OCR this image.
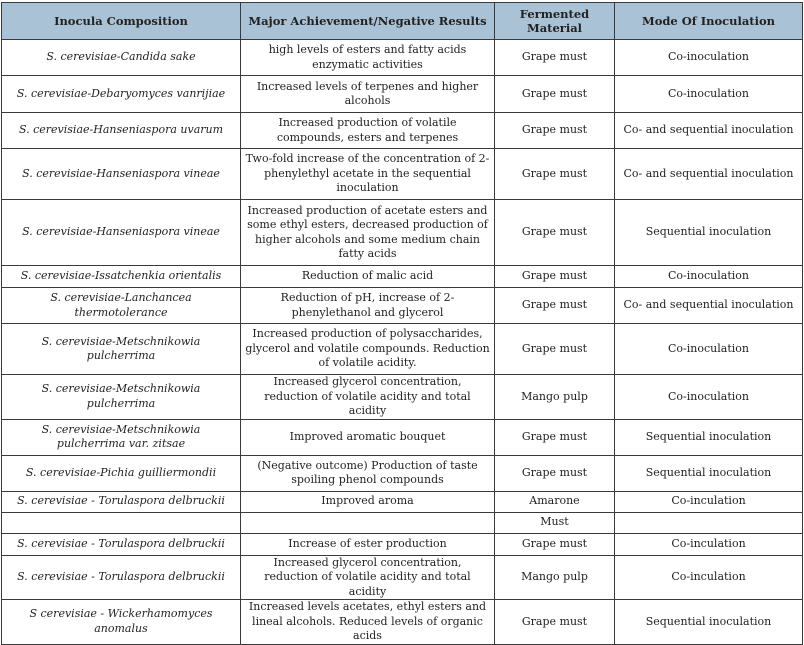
Inocula Composition	Major Achievement/Negative Results	Fermented Material	Mode Of Inoculation
S. cerevisiae-Candida sake	high levels of esters and fatty acids enzymatic activities	Grape must	Co-inoculation
S. cerevisiae-Debaryomyces vanrijiae	Increased levels of terpenes and higher alcohols	Grape must	Co-inoculation
S. cerevisiae-Hanseniaspora uvarum	Increased production of volatile compounds, esters and terpenes	Grape must	Co- and sequential inoculation
S. cerevisiae-Hanseniaspora vineae	Two-fold increase of the concentration of 2-phenylethyl acetate in the sequential inoculation	Grape must	Co- and sequential inoculation
S. cerevisiae-Hanseniaspora vineae	Increased production of acetate esters and some ethyl esters, decreased production of higher alcohols and some medium chain fatty acids	Grape must	Sequential inoculation
S. cerevisiae-Issatchenkia orientalis	Reduction of malic acid	Grape must	Co-inoculation
S. cerevisiae-Lanchancea thermotolerance	Reduction of pH, increase of 2-phenylethanol and glycerol	Grape must	Co- and sequential inoculation
S. cerevisiae-Metschnikowia pulcherrima	Increased production of polysaccharides, glycerol and volatile compounds. Reduction of volatile acidity.	Grape must	Co-inoculation
S. cerevisiae-Metschnikowia pulcherrima	Increased glycerol concentration, reduction of volatile acidity and total acidity	Mango pulp	Co-inoculation
S. cerevisiae-Metschnikowia pulcherrima var. zitsae	Improved aromatic bouquet	Grape must	Sequential inoculation
S. cerevisiae-Pichia guilliermondii	(Negative outcome) Production of taste spoiling phenol compounds	Grape must	Sequential inoculation
S. cerevisiae - Torulaspora delbruckii	Improved aroma	Amarone	Co-inculation
		Must	
S. cerevisiae - Torulaspora delbruckii	Increase of ester production	Grape must	Co-inculation
S. cerevisiae - Torulaspora delbruckii	Increased glycerol concentration, reduction of volatile acidity and total acidity	Mango pulp	Co-inculation
S cerevisiae - Wickerhamomyces anomalus	Increased levels acetates, ethyl esters and lineal alcohols. Reduced levels of organic acids	Grape must	Sequential inoculation
